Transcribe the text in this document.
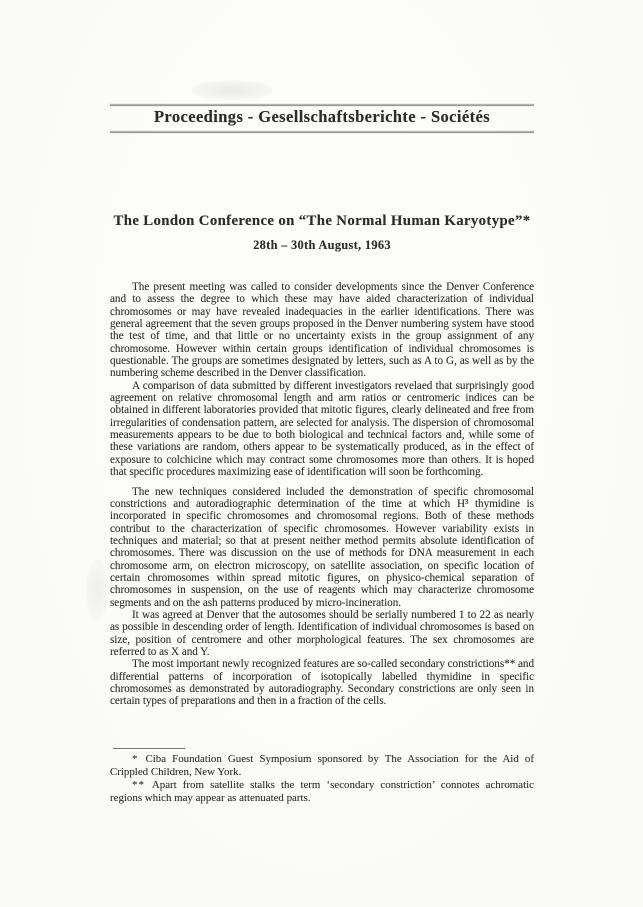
Proceedings - Gesellschaftsberichte - Sociétés
The London Conference on “The Normal Human Karyotype”*
28th – 30th August, 1963

The present meeting was called to consider developments since the Denver Conference and to assess the degree to which these may have aided characterization of individual chromosomes or may have revealed inadequacies in the earlier identifications. There was general agreement that the seven groups proposed in the Denver numbering system have stood the test of time, and that little or no uncertainty exists in the group assignment of any chromosome. However within certain groups identification of individual chromosomes is questionable. The groups are sometimes designated by letters, such as A to G, as well as by the numbering scheme described in the Denver classification.

A comparison of data submitted by different investigators revelaed that surprisingly good agreement on relative chromosomal length and arm ratios or centromeric indices can be obtained in different laboratories provided that mitotic figures, clearly delineated and free from irregularities of condensation pattern, are selected for analysis. The dispersion of chromosomal measurements appears to be due to both biological and technical factors and, while some of these variations are random, others appear to be systematically produced, as in the effect of exposure to colchicine which may contract some chromosomes more than others. It is hoped that specific procedures maximizing ease of identification will soon be forthcoming.

The new techniques considered included the demonstration of specific chromosomal constrictions and autoradiographic determination of the time at which H³ thymidine is incorporated in specific chromosomes and chromosomal regions. Both of these methods contribut to the characterization of specific chromosomes. However variability exists in techniques and material; so that at present neither method permits absolute identification of chromosomes. There was discussion on the use of methods for DNA measurement in each chromosome arm, on electron microscopy, on satellite association, on specific location of certain chromosomes within spread mitotic figures, on physico-chemical separation of chromosomes in suspension, on the use of reagents which may characterize chromosome segments and on the ash patterns produced by micro-incineration.

It was agreed at Denver that the autosomes should be serially numbered 1 to 22 as nearly as possible in descending order of length. Identification of individual chromosomes is based on size, position of centromere and other morphological features. The sex chromosomes are referred to as X and Y.

The most important newly recognized features are so-called secondary constrictions** and differential patterns of incorporation of isotopically labelled thymidine in specific chromosomes as demonstrated by autoradiography. Secondary constrictions are only seen in certain types of preparations and then in a fraction of the cells.

* Ciba Foundation Guest Symposium sponsored by The Association for the Aid of Crippled Children, New York.

** Apart from satellite stalks the term ‘secondary constriction’ connotes achromatic regions which may appear as attenuated parts.
